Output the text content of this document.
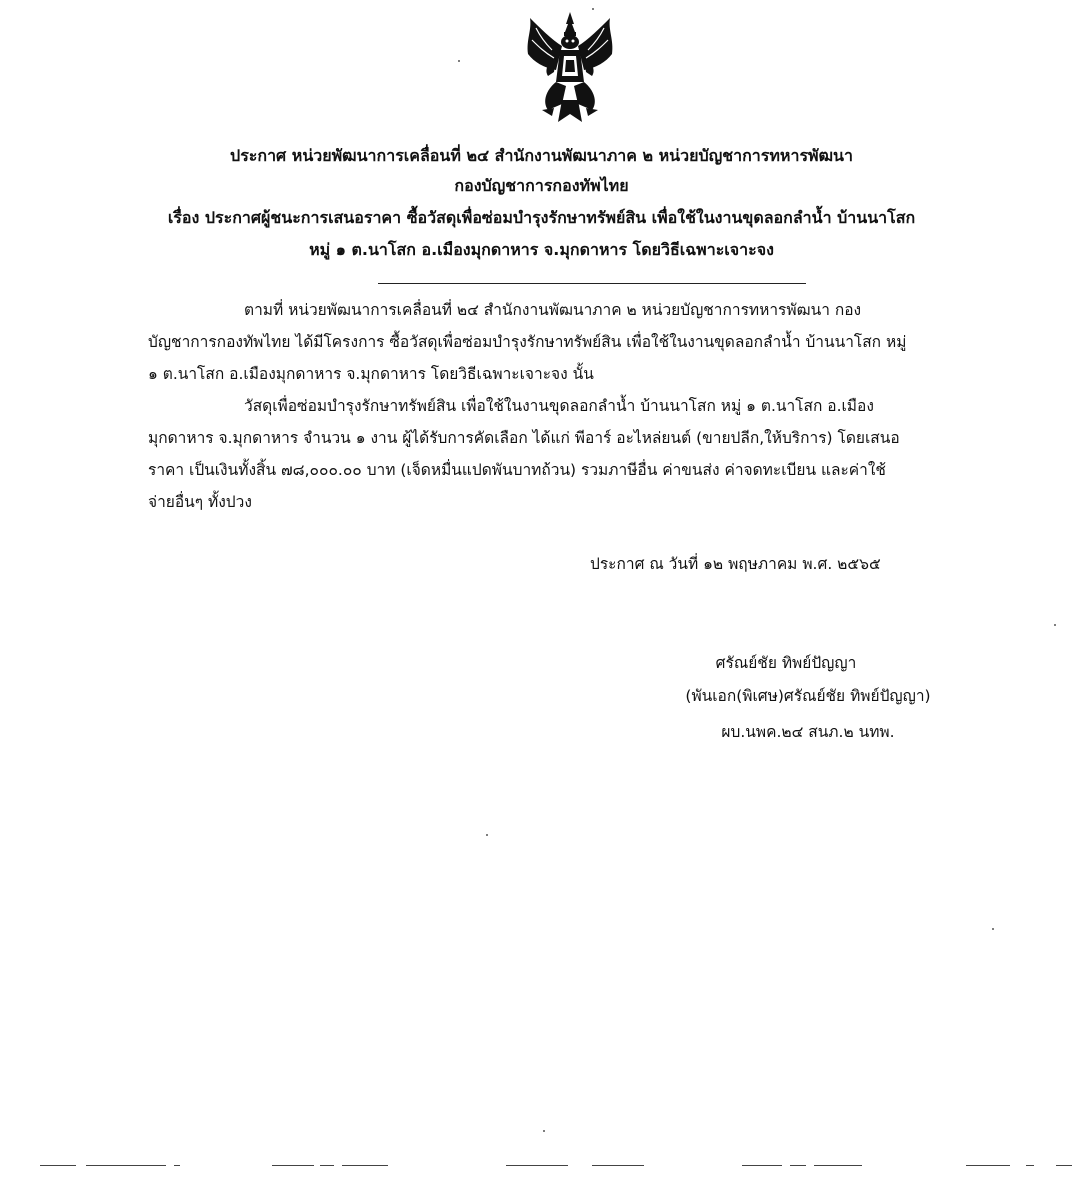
ประกาศ หน่วยพัฒนาการเคลื่อนที่ ๒๔ สำนักงานพัฒนาภาค ๒ หน่วยบัญชาการทหารพัฒนา
กองบัญชาการกองทัพไทย
เรื่อง ประกาศผู้ชนะการเสนอราคา ซื้อวัสดุเพื่อซ่อมบำรุงรักษาทรัพย์สิน เพื่อใช้ในงานขุดลอกลำน้ำ บ้านนาโสก
หมู่ ๑ ต.นาโสก อ.เมืองมุกดาหาร จ.มุกดาหาร โดยวิธีเฉพาะเจาะจง
ตามที่ หน่วยพัฒนาการเคลื่อนที่ ๒๔ สำนักงานพัฒนาภาค ๒ หน่วยบัญชาการทหารพัฒนา กอง
บัญชาการกองทัพไทย ได้มีโครงการ ซื้อวัสดุเพื่อซ่อมบำรุงรักษาทรัพย์สิน เพื่อใช้ในงานขุดลอกลำน้ำ บ้านนาโสก หมู่
๑ ต.นาโสก อ.เมืองมุกดาหาร จ.มุกดาหาร โดยวิธีเฉพาะเจาะจง นั้น
วัสดุเพื่อซ่อมบำรุงรักษาทรัพย์สิน เพื่อใช้ในงานขุดลอกลำน้ำ บ้านนาโสก หมู่ ๑ ต.นาโสก อ.เมือง
มุกดาหาร จ.มุกดาหาร จำนวน ๑ งาน ผู้ได้รับการคัดเลือก ได้แก่ พีอาร์ อะไหล่ยนต์ (ขายปลีก,ให้บริการ) โดยเสนอ
ราคา เป็นเงินทั้งสิ้น ๗๘,๐๐๐.๐๐ บาท (เจ็ดหมื่นแปดพันบาทถ้วน) รวมภาษีอื่น ค่าขนส่ง ค่าจดทะเบียน และค่าใช้
จ่ายอื่นๆ ทั้งปวง
ประกาศ ณ วันที่ ๑๒ พฤษภาคม พ.ศ. ๒๕๖๕
ศรัณย์ชัย ทิพย์ปัญญา
(พันเอก(พิเศษ)ศรัณย์ชัย ทิพย์ปัญญา)
ผบ.นพค.๒๔ สนภ.๒ นทพ.
